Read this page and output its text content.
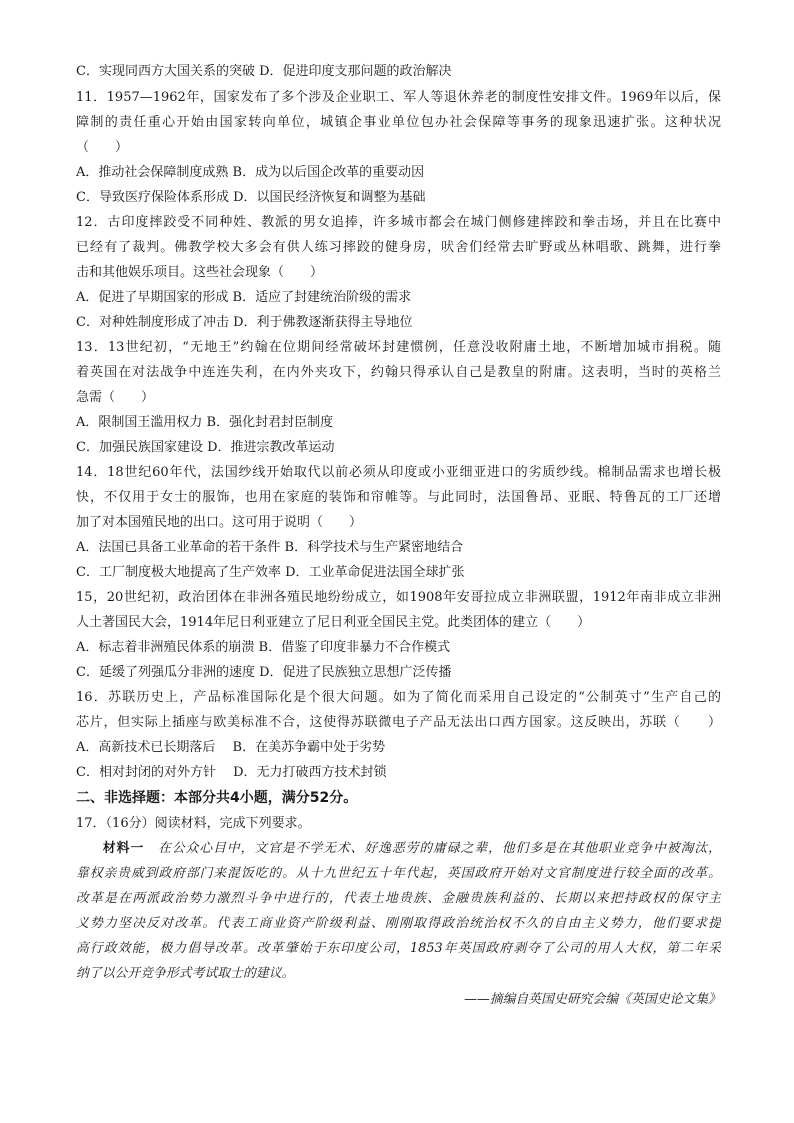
C．实现同西方大国关系的突破 D．促进印度支那问题的政治解决
11．1957—1962年，国家发布了多个涉及企业职工、军人等退休养老的制度性安排文件。1969年以后，保
障制的责任重心开始由国家转向单位，城镇企事业单位包办社会保障等事务的现象迅速扩张。这种状况
（　　）
A．推动社会保障制度成熟 B．成为以后国企改革的重要动因
C．导致医疗保险体系形成 D．以国民经济恢复和调整为基础
12．古印度摔跤受不同种姓、教派的男女追捧，许多城市都会在城门侧修建摔跤和拳击场，并且在比赛中
已经有了裁判。佛教学校大多会有供人练习摔跤的健身房，吠舍们经常去旷野或丛林唱歌、跳舞，进行拳
击和其他娱乐项目。这些社会现象（　　）
A．促进了早期国家的形成 B．适应了封建统治阶级的需求
C．对种姓制度形成了冲击 D．利于佛教逐渐获得主导地位
13．13世纪初，“无地王”约翰在位期间经常破坏封建惯例，任意没收附庸土地，不断增加城市捐税。随
着英国在对法战争中连连失利，在内外夹攻下，约翰只得承认自己是教皇的附庸。这表明，当时的英格兰
急需（　　）
A．限制国王滥用权力 B．强化封君封臣制度
C．加强民族国家建设 D．推进宗教改革运动
14．18世纪60年代，法国纱线开始取代以前必须从印度或小亚细亚进口的劣质纱线。棉制品需求也增长极
快，不仅用于女士的服饰，也用在家庭的装饰和帘帷等。与此同时，法国鲁昂、亚眠、特鲁瓦的工厂还增
加了对本国殖民地的出口。这可用于说明（　　）
A．法国已具备工业革命的若干条件 B．科学技术与生产紧密地结合
C．工厂制度极大地提高了生产效率 D．工业革命促进法国全球扩张
15，20世纪初，政治团体在非洲各殖民地纷纷成立，如1908年安哥拉成立非洲联盟，1912年南非成立非洲
人土著国民大会，1914年尼日利亚建立了尼日利亚全国民主党。此类团体的建立（　　）
A．标志着非洲殖民体系的崩溃 B．借鉴了印度非暴力不合作模式
C．延缓了列强瓜分非洲的速度 D．促进了民族独立思想广泛传播
16．苏联历史上，产品标准国际化是个很大问题。如为了简化而采用自己设定的“公制英寸”生产自己的
芯片，但实际上插座与欧美标准不合，这使得苏联微电子产品无法出口西方国家。这反映出，苏联（　　）
A．高新技术已长期落后　 B．在美苏争霸中处于劣势
C．相对封闭的对外方针　 D．无力打破西方技术封锁
二、非选择题：本部分共4小题，满分52分。
17．（16分）阅读材料，完成下列要求。
材料一 在公众心目中，文官是不学无术、好逸恶劳的庸碌之辈，他们多是在其他职业竞争中被淘汰，
靠权亲贵威到政府部门来混饭吃的。从十九世纪五十年代起，英国政府开始对文官制度进行较全面的改革。
改革是在两派政治势力激烈斗争中进行的，代表土地贵族、金融贵族利益的、长期以来把持政权的保守主
义势力坚决反对改革。代表工商业资产阶级利益、刚刚取得政治统治权不久的自由主义势力，他们要求提
高行政效能，极力倡导改革。改革肇始于东印度公司，1853年英国政府剥夺了公司的用人大权，第二年采
纳了以公开竞争形式考试取士的建议。
——摘编自英国史研究会编《英国史论文集》
